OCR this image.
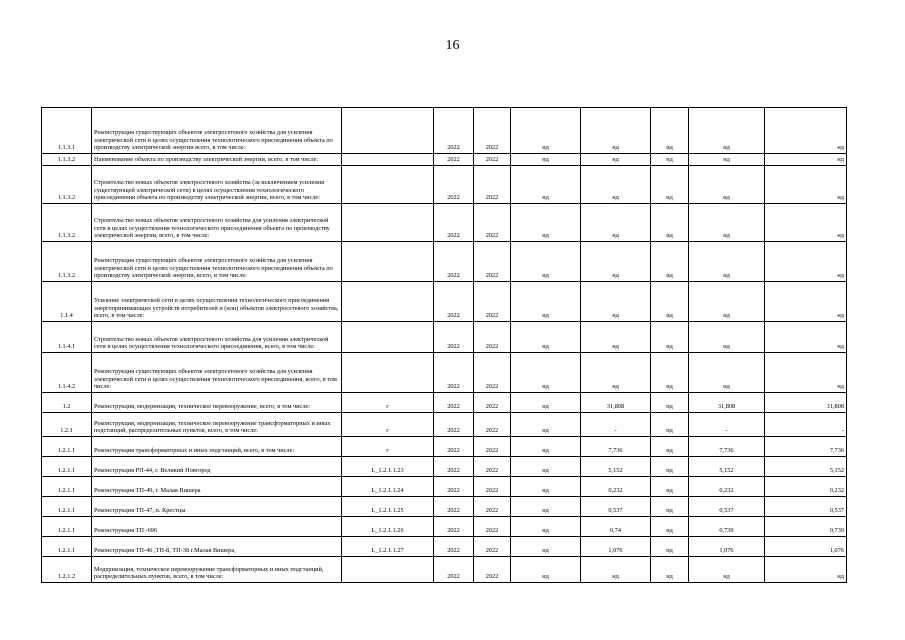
16
1.1.3.1	Реконструкция существующих объектов электросетевого хозяйства для усиления электрической сети в целях осуществления технологического присоединения объекта по производству электрической энергии всего, в том числе:		2022	2022	нд	нд	нд	нд	нд
1.1.3.2	Наименование объекта по производству электрической энергии, всего, в том числе:		2022	2022	нд	нд	нд	нд	нд
1.1.3.2	Строительство новых объектов электросетевого хозяйства (за исключением усиления существующей электрической сети) в целях осуществления технологического присоединения объекта по производству электрической энергии, всего, в том числе:		2022	2022	нд	нд	нд	нд	нд
1.1.3.2	Строительство новых объектов электросетевого хозяйства для усиления электрической сети в целях осуществления технологического присоединения объекта по производству электрической энергии, всего, в том числе:		2022	2022	нд	нд	нд	нд	нд
1.1.3.2	Реконструкция существующих объектов электросетевого хозяйства для усиления электрической сети в целях осуществления технологического присоединения объекта по производству электрической энергии, всего, в том числе:		2022	2022	нд	нд	нд	нд	нд
1.1.4	Усиление электрической сети в целях осуществления технологического присоединения энергопринимающих устройств потребителей и (или) объектов электросетевого хозяйства, всего, в том числе:		2022	2022	нд	нд	нд	нд	нд
1.1.4.1	Строительство новых объектов электросетевого хозяйства для усиления электрической сети в целях осуществления технологического присоединения, всего, в том числе:		2022	2022	нд	нд	нд	нд	нд
1.1.4.2	Реконструкция существующих объектов электросетевого хозяйства для усиления электрической сети в целях осуществления технологического присоединения, всего, в том числе:		2022	2022	нд	нд	нд	нд	нд
1.2	Реконструкция, модернизация, техническое перевооружение, всего, в том числе:	г	2022	2022	нд	31,808	нд	31,808	31,808
1.2.1	Реконструкция, модернизация, техническое перевооружение трансформаторных и иных подстанций, распределительных пунктов, всего, в том числе:	г	2022	2022	нд	-	нд	-	-
1.2.1.1	Реконструкция трансформаторных и иных подстанций, всего, в том числе:	г	2022	2022	нд	7,736	нд	7,736	7,736
1.2.1.1	Реконструкция РП-44, г. Великий Новгород	L_1.2.1.1.23	2022	2022	нд	5,152	нд	5,152	5,152
1.2.1.1	Реконструкция ТП-49, г. Малая Вишера	L_1.2.1.1.24	2022	2022	нд	0,232	нд	0,232	0,232
1.2.1.1	Реконструкция ТП-47, п. Крестцы	L_1.2.1.1.25	2022	2022	нд	0,537	нд	0,537	0,537
1.2.1.1	Реконструкция ТП -696	L_1.2.1.1.26	2022	2022	нд	0,74	нд	0,739	0,739
1.2.1.1	Реконструкция ТП-46 ,ТП-8, ТП-38 г.Малая Вишера,	L_1.2.1.1.27	2022	2022	нд	1,076	нд	1,076	1,076
1.2.1.2	Модернизация, техническое перевооружение трансформаторных и иных подстанций, распределительных пунктов, всего, в том числе:		2022	2022	нд	нд	нд	нд	нд
